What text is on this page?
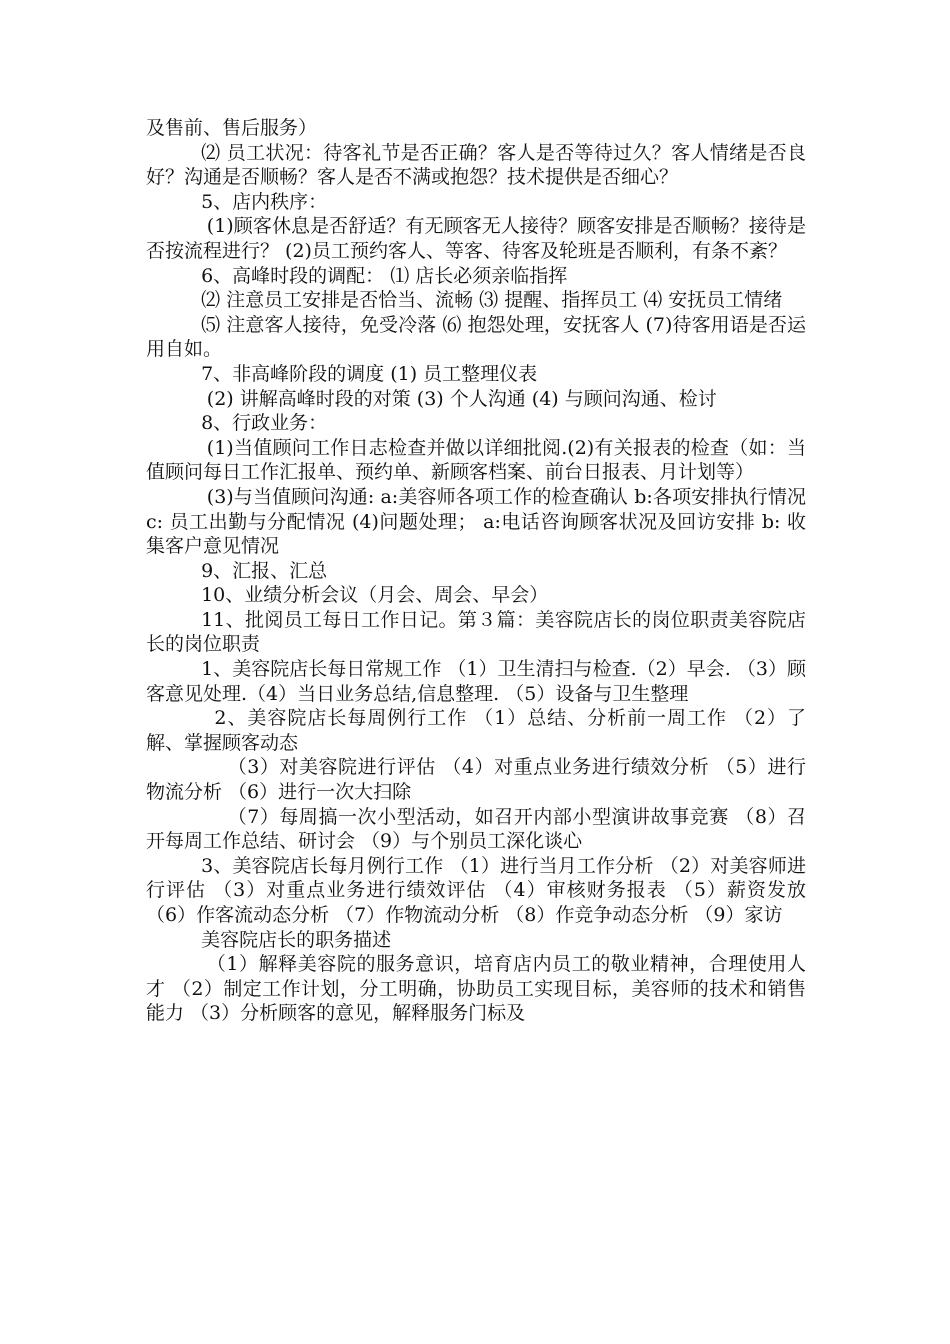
及售前、售后服务）

⑵ 员工状况：待客礼节是否正确？客人是否等待过久？客人情绪是否良好？沟通是否顺畅？客人是否不满或抱怨？技术提供是否细心？

5、店内秩序：

(1)顾客休息是否舒适？有无顾客无人接待？顾客安排是否顺畅？接待是否按流程进行？ (2)员工预约客人、等客、待客及轮班是否顺利，有条不紊？

6、高峰时段的调配： ⑴ 店长必须亲临指挥

⑵ 注意员工安排是否恰当、流畅 ⑶ 提醒、指挥员工 ⑷ 安抚员工情绪

⑸ 注意客人接待，免受冷落 ⑹ 抱怨处理，安抚客人 (7)待客用语是否运用自如。

7、非高峰阶段的调度 (1) 员工整理仪表

(2) 讲解高峰时段的对策 (3) 个人沟通 (4) 与顾问沟通、检讨

8、行政业务：

(1)当值顾问工作日志检查并做以详细批阅.(2)有关报表的检查（如：当值顾问每日工作汇报单、预约单、新顾客档案、前台日报表、月计划等）

(3)与当值顾问沟通: a:美容师各项工作的检查确认 b:各项安排执行情况 c: 员工出勤与分配情况 (4)问题处理； a:电话咨询顾客状况及回访安排 b: 收集客户意见情况

9、汇报、汇总

10、业绩分析会议（月会、周会、早会）

11、批阅员工每日工作日记。第３篇：美容院店长的岗位职责美容院店长的岗位职责

1、美容院店长每日常规工作 （1）卫生清扫与检查.（2）早会. （3）顾客意见处理.（4）当日业务总结,信息整理. （5）设备与卫生整理

2、美容院店长每周例行工作 （1）总结、分析前一周工作 （2）了解、掌握顾客动态

（3）对美容院进行评估 （4）对重点业务进行绩效分析 （5）进行物流分析 （6）进行一次大扫除

（7）每周搞一次小型活动，如召开内部小型演讲故事竞赛 （8）召开每周工作总结、研讨会 （9）与个别员工深化谈心

3、美容院店长每月例行工作 （1）进行当月工作分析 （2）对美容师进行评估 （3）对重点业务进行绩效评估 （4）审核财务报表 （5）薪资发放 （6）作客流动态分析 （7）作物流动分析 （8）作竞争动态分析 （9）家访

美容院店长的职务描述

（1）解释美容院的服务意识，培育店内员工的敬业精神，合理使用人才 （2）制定工作计划，分工明确，协助员工实现目标，美容师的技术和销售能力 （3）分析顾客的意见，解释服务门标及
